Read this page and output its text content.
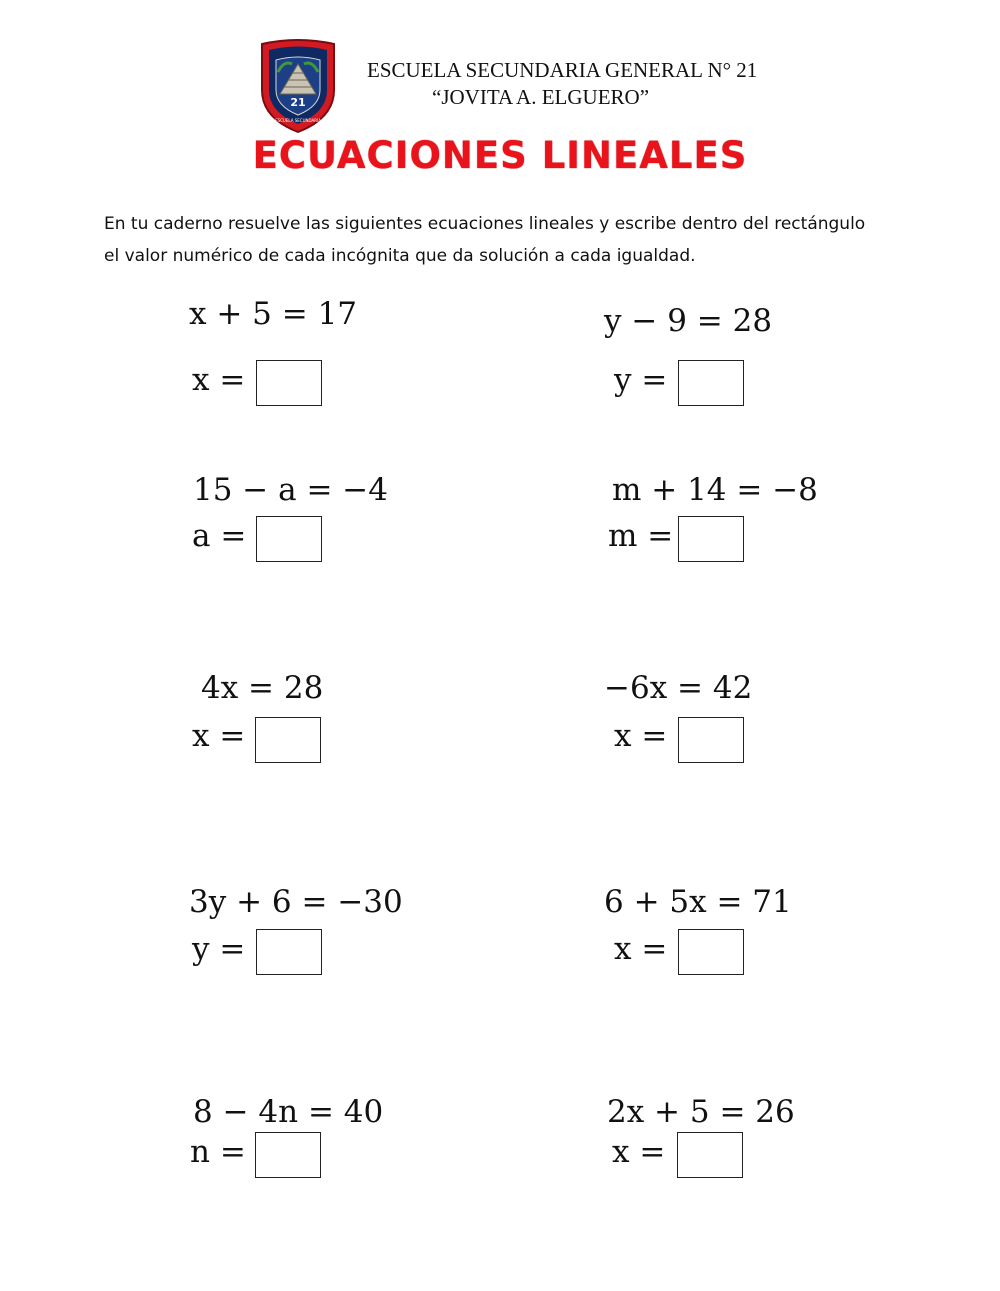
21
ESCUELA SECUNDARIA
ESCUELA SECUNDARIA GENERAL N° 21
“JOVITA A. ELGUERO”
ECUACIONES LINEALES
En tu caderno resuelve las siguientes ecuaciones lineales y escribe dentro del rectángulo
el valor numérico de cada incógnita que da solución a cada igualdad.
x + 5 = 17
x =
y − 9 = 28
y =
15 − a = −4
a =
m + 14 = −8
m =
4x = 28
x =
−6x = 42
x =
3y + 6 = −30
y =
6 + 5x = 71
x =
8 − 4n = 40
n =
2x + 5 = 26
x =
